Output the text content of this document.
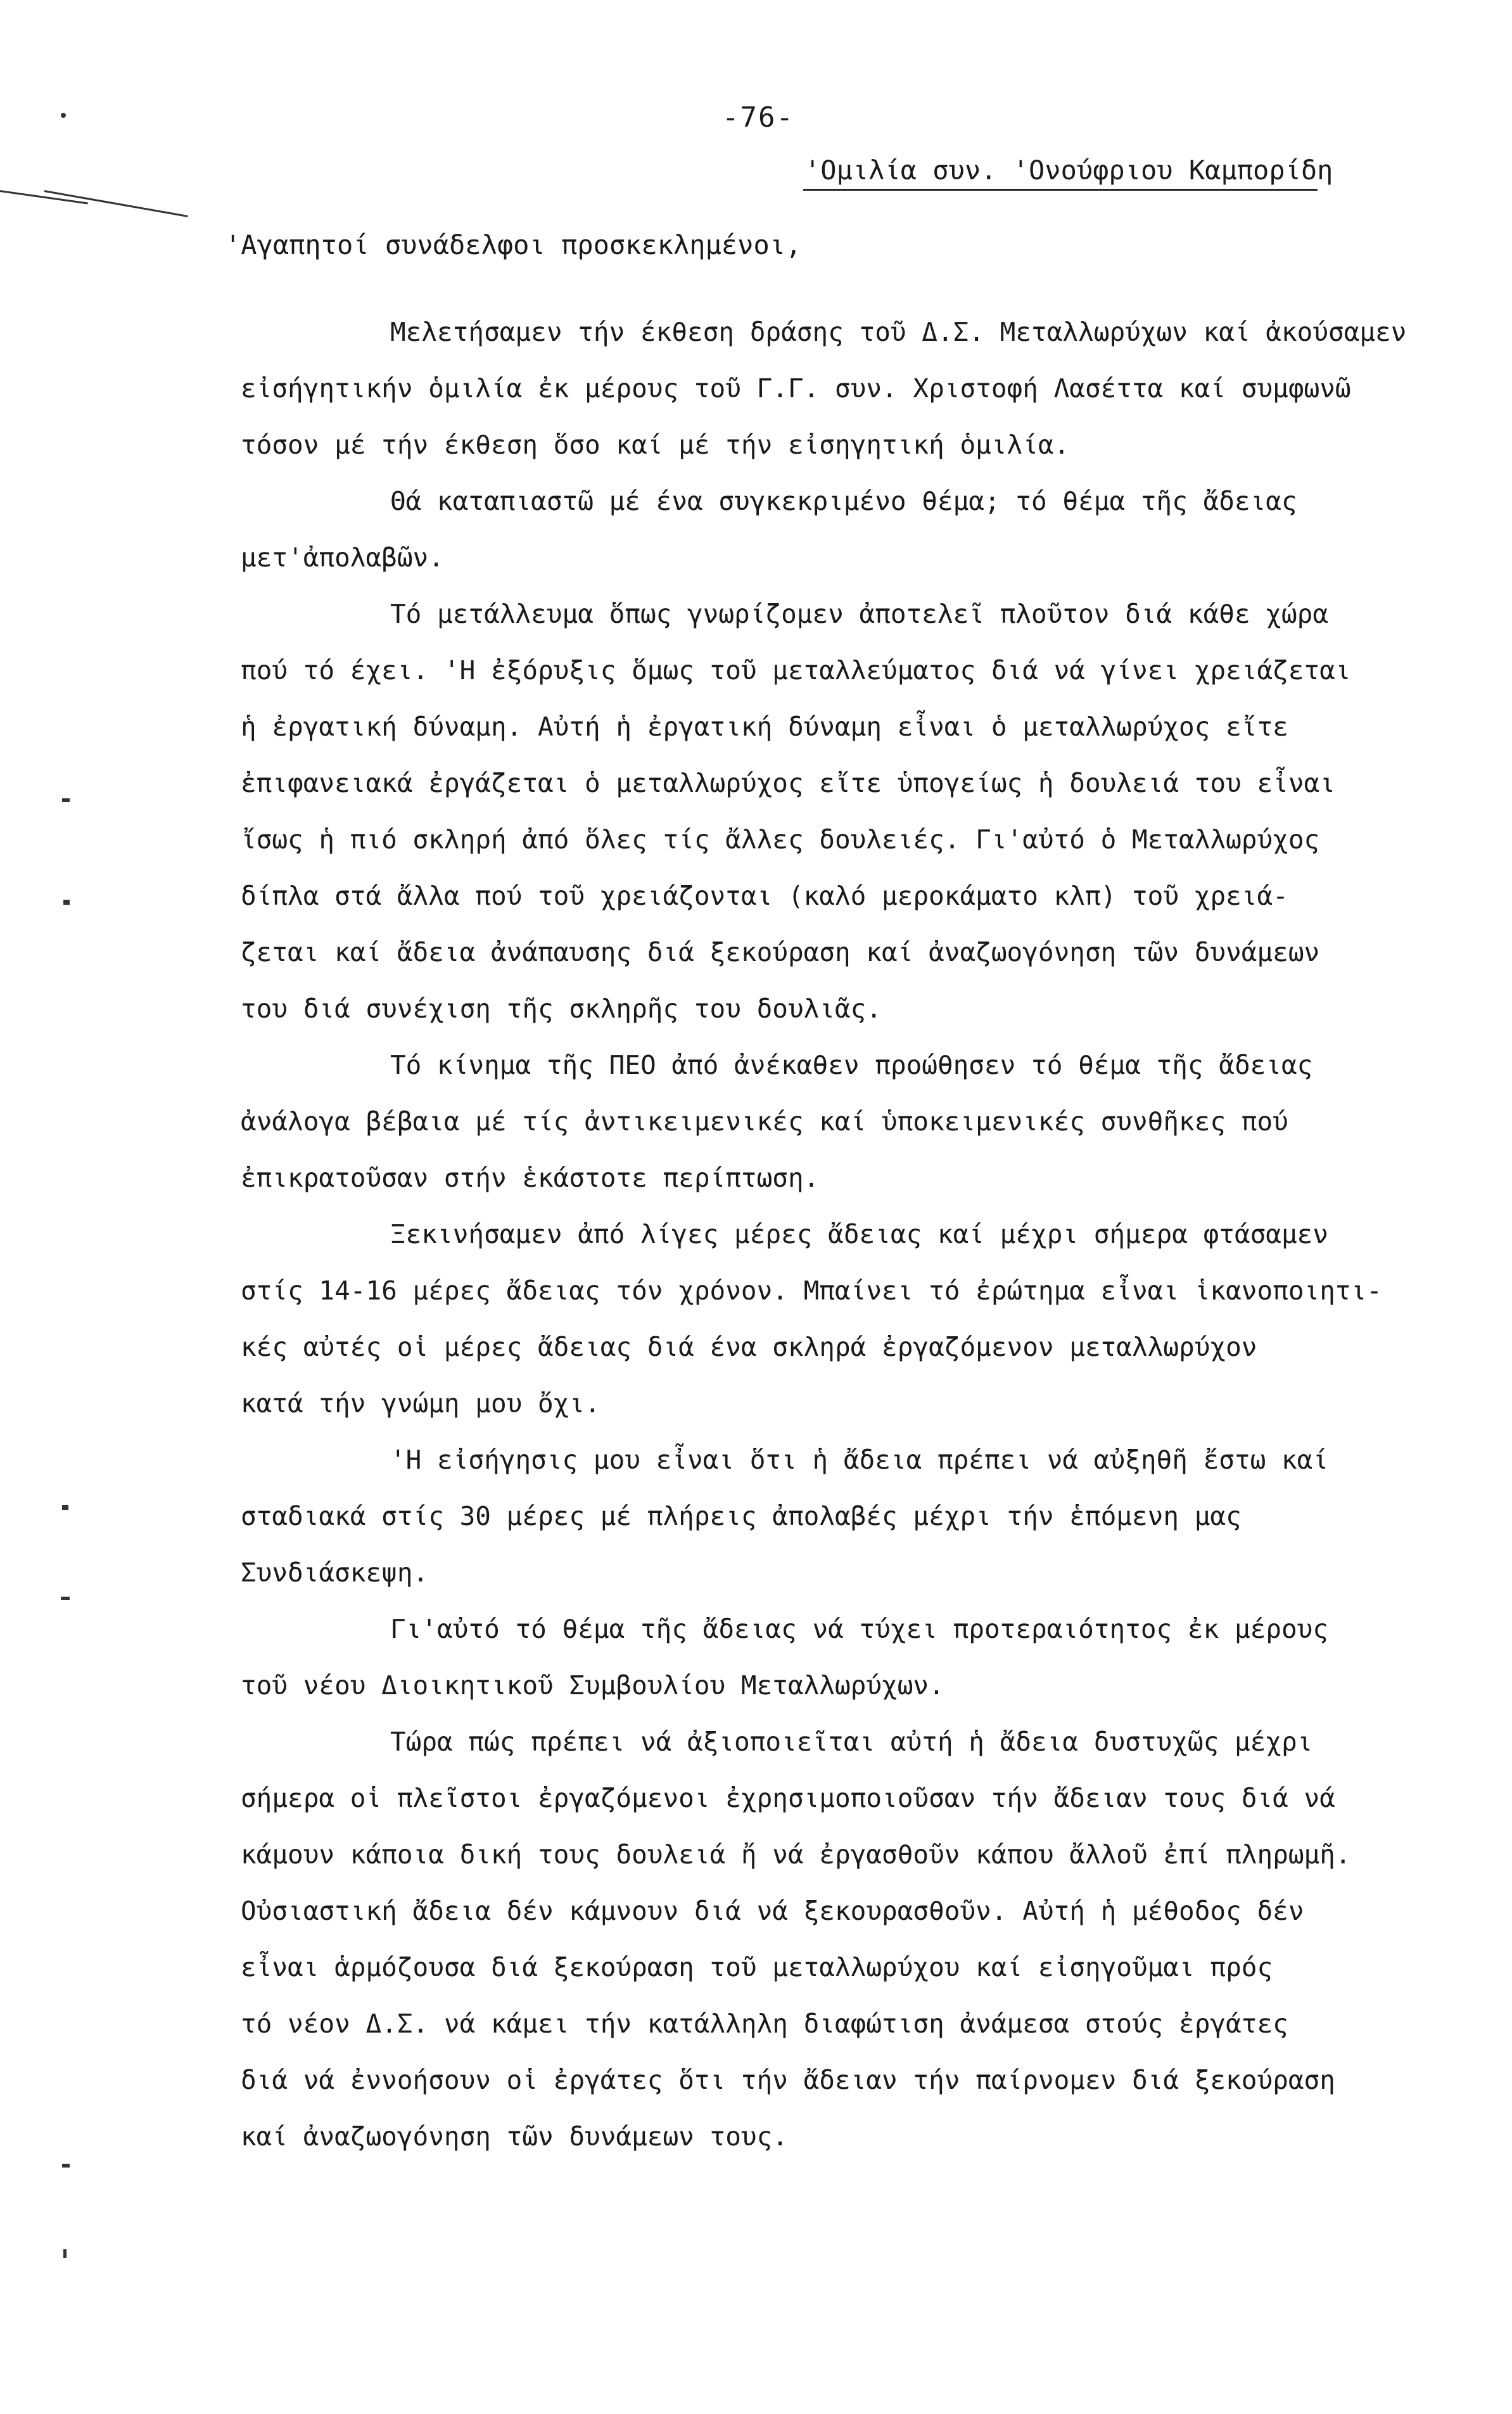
-76-
'Ομιλία συν. 'Ονούφριου Καμπορίδη
'Αγαπητοί συνάδελφοι προσκεκλημένοι,
Μελετήσαμεν τήν έκθεση δράσης τοῦ Δ.Σ. Μεταλλωρύχων καί ἀκούσαμεν
εἰσήγητικήν ὁμιλία ἐκ μέρους τοῦ Γ.Γ. συν. Χριστοφή Λασέττα καί συμφωνῶ
τόσον μέ τήν έκθεση ὅσο καί μέ τήν εἰσηγητική ὁμιλία.
Θά καταπιαστῶ μέ ένα συγκεκριμένο θέμα; τό θέμα τῆς ἄδειας
μετ'ἀπολαβῶν.
Τό μετάλλευμα ὅπως γνωρίζομεν ἀποτελεῖ πλοῦτον διά κάθε χώρα
πού τό έχει. 'Η ἐξόρυξις ὅμως τοῦ μεταλλεύματος διά νά γίνει χρειάζεται
ἡ ἐργατική δύναμη. Αὐτή ἡ ἐργατική δύναμη εἶναι ὁ μεταλλωρύχος εἴτε
ἐπιφανειακά ἐργάζεται ὁ μεταλλωρύχος εἴτε ὑπογείως ἡ δουλειά του εἶναι
ἴσως ἡ πιό σκληρή ἀπό ὅλες τίς ἄλλες δουλειές. Γι'αὐτό ὁ Μεταλλωρύχος
δίπλα στά ἄλλα πού τοῦ χρειάζονται (καλό μεροκάματο κλπ) τοῦ χρειά-
ζεται καί ἄδεια ἀνάπαυσης διά ξεκούραση καί ἀναζωογόνηση τῶν δυνάμεων
του διά συνέχιση τῆς σκληρῆς του δουλιᾶς.
Τό κίνημα τῆς ΠΕΟ ἀπό ἀνέκαθεν προώθησεν τό θέμα τῆς ἄδειας
ἀνάλογα βέβαια μέ τίς ἀντικειμενικές καί ὑποκειμενικές συνθῆκες πού
ἐπικρατοῦσαν στήν ἑκάστοτε περίπτωση.
Ξεκινήσαμεν ἀπό λίγες μέρες ἄδειας καί μέχρι σήμερα φτάσαμεν
στίς 14-16 μέρες ἄδειας τόν χρόνον. Μπαίνει τό ἐρώτημα εἶναι ἱκανοποιητι-
κές αὐτές οἱ μέρες ἄδειας διά ένα σκληρά ἐργαζόμενον μεταλλωρύχον
κατά τήν γνώμη μου ὄχι.
'Η εἰσήγησις μου εἶναι ὅτι ἡ ἄδεια πρέπει νά αὐξηθῆ ἔστω καί
σταδιακά στίς 30 μέρες μέ πλήρεις ἀπολαβές μέχρι τήν ἑπόμενη μας
Συνδιάσκεψη.
Γι'αὐτό τό θέμα τῆς ἄδειας νά τύχει προτεραιότητος ἐκ μέρους
τοῦ νέου Διοικητικοῦ Συμβουλίου Μεταλλωρύχων.
Τώρα πώς πρέπει νά ἀξιοποιεῖται αὐτή ἡ ἄδεια δυστυχῶς μέχρι
σήμερα οἱ πλεῖστοι ἐργαζόμενοι ἐχρησιμοποιοῦσαν τήν ἄδειαν τους διά νά
κάμουν κάποια δική τους δουλειά ἤ νά ἐργασθοῦν κάπου ἄλλοῦ ἐπί πληρωμῆ.
Οὐσιαστική ἄδεια δέν κάμνουν διά νά ξεκουρασθοῦν. Αὐτή ἡ μέθοδος δέν
εἶναι ἁρμόζουσα διά ξεκούραση τοῦ μεταλλωρύχου καί εἰσηγοῦμαι πρός
τό νέον Δ.Σ. νά κάμει τήν κατάλληλη διαφώτιση ἀνάμεσα στούς ἐργάτες
διά νά ἐννοήσουν οἱ ἐργάτες ὅτι τήν ἄδειαν τήν παίρνομεν διά ξεκούραση
καί ἀναζωογόνηση τῶν δυνάμεων τους.
